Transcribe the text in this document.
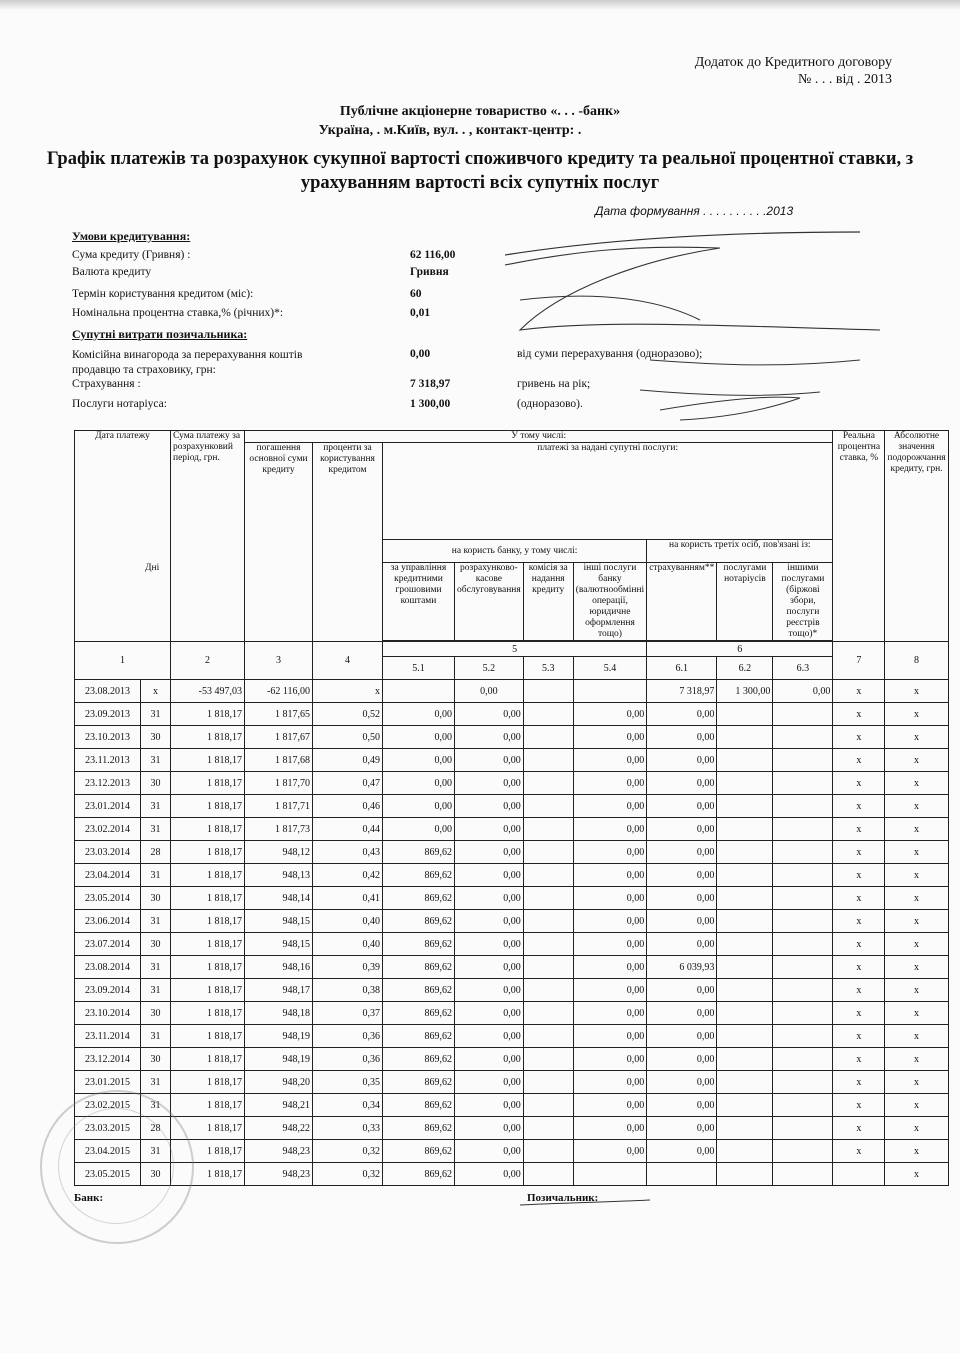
Додаток до Кредитного договору
№ . . . від . 2013
Публічне акціонерне товариство «. . . -банк»
Україна, . м.Київ, вул. . , контакт-центр: .
Графік платежів та розрахунок сукупної вартості споживчого кредиту та реальної процентної ставки, з урахуванням вартості всіх супутніх послуг
Дата формування . . . . . . . . . .2013
Умови кредитування:
Сума кредиту (Гривня) :	62 116,00
Валюта кредиту	Гривня
Термін користування кредитом (міс):	60
Номінальна процентна ставка,% (річних)*:	0,01
Супутні витрати позичальника:
Комісійна винагорода за перерахування коштів продавцю та страховику, грн:
0,00	від суми перерахування (одноразово);
Страхування :	7 318,97	гривень на рік;
Послуги нотаріуса:	1 300,00	(одноразово).
Дата платежу
Дні		Сума платежу за розрахунковий період, грн.	У тому числі:									Реальна процентна ставка, %	Абсолютне значення подорожчання кредиту, грн.
			погашення основної суми кредиту	проценти за користування кредитом	платежі за надані супутні послуги:								
					на користь банку, у тому числі:				на користь третіх осіб, пов'язані із:				
					за управління кредитними грошовими коштами	розрахунково-касове обслуговування	комісія за надання кредиту	інші послуги банку (валютнообмінні операції, юридичне оформлення тощо)	страхуванням**	послугами нотаріусів	іншими послугами (біржові збори, послуги реєстрів тощо)*		

1		2	3	4	5				6			7	8
					5.1	5.2	5.3	5.4	6.1	6.2	6.3		
23.08.2013	x	-53 497,03	-62 116,00	x		0,00			7 318,97	1 300,00	0,00	x	x
23.09.2013	31	1 818,17	1 817,65	0,52	0,00	0,00		0,00	0,00			x	x
23.10.2013	30	1 818,17	1 817,67	0,50	0,00	0,00		0,00	0,00			x	x
23.11.2013	31	1 818,17	1 817,68	0,49	0,00	0,00		0,00	0,00			x	x
23.12.2013	30	1 818,17	1 817,70	0,47	0,00	0,00		0,00	0,00			x	x
23.01.2014	31	1 818,17	1 817,71	0,46	0,00	0,00		0,00	0,00			x	x
23.02.2014	31	1 818,17	1 817,73	0,44	0,00	0,00		0,00	0,00			x	x
23.03.2014	28	1 818,17	948,12	0,43	869,62	0,00		0,00	0,00			x	x
23.04.2014	31	1 818,17	948,13	0,42	869,62	0,00		0,00	0,00			x	x
23.05.2014	30	1 818,17	948,14	0,41	869,62	0,00		0,00	0,00			x	x
23.06.2014	31	1 818,17	948,15	0,40	869,62	0,00		0,00	0,00			x	x
23.07.2014	30	1 818,17	948,15	0,40	869,62	0,00		0,00	0,00			x	x
23.08.2014	31	1 818,17	948,16	0,39	869,62	0,00		0,00	6 039,93			x	x
23.09.2014	31	1 818,17	948,17	0,38	869,62	0,00		0,00	0,00			x	x
23.10.2014	30	1 818,17	948,18	0,37	869,62	0,00		0,00	0,00			x	x
23.11.2014	31	1 818,17	948,19	0,36	869,62	0,00		0,00	0,00			x	x
23.12.2014	30	1 818,17	948,19	0,36	869,62	0,00		0,00	0,00			x	x
23.01.2015	31	1 818,17	948,20	0,35	869,62	0,00		0,00	0,00			x	x
23.02.2015	31	1 818,17	948,21	0,34	869,62	0,00		0,00	0,00			x	x
23.03.2015	28	1 818,17	948,22	0,33	869,62	0,00		0,00	0,00			x	x
23.04.2015	31	1 818,17	948,23	0,32	869,62	0,00		0,00	0,00			x	x
23.05.2015	30	1 818,17	948,23	0,32	869,62	0,00							x
Банк:	Позичальник:
